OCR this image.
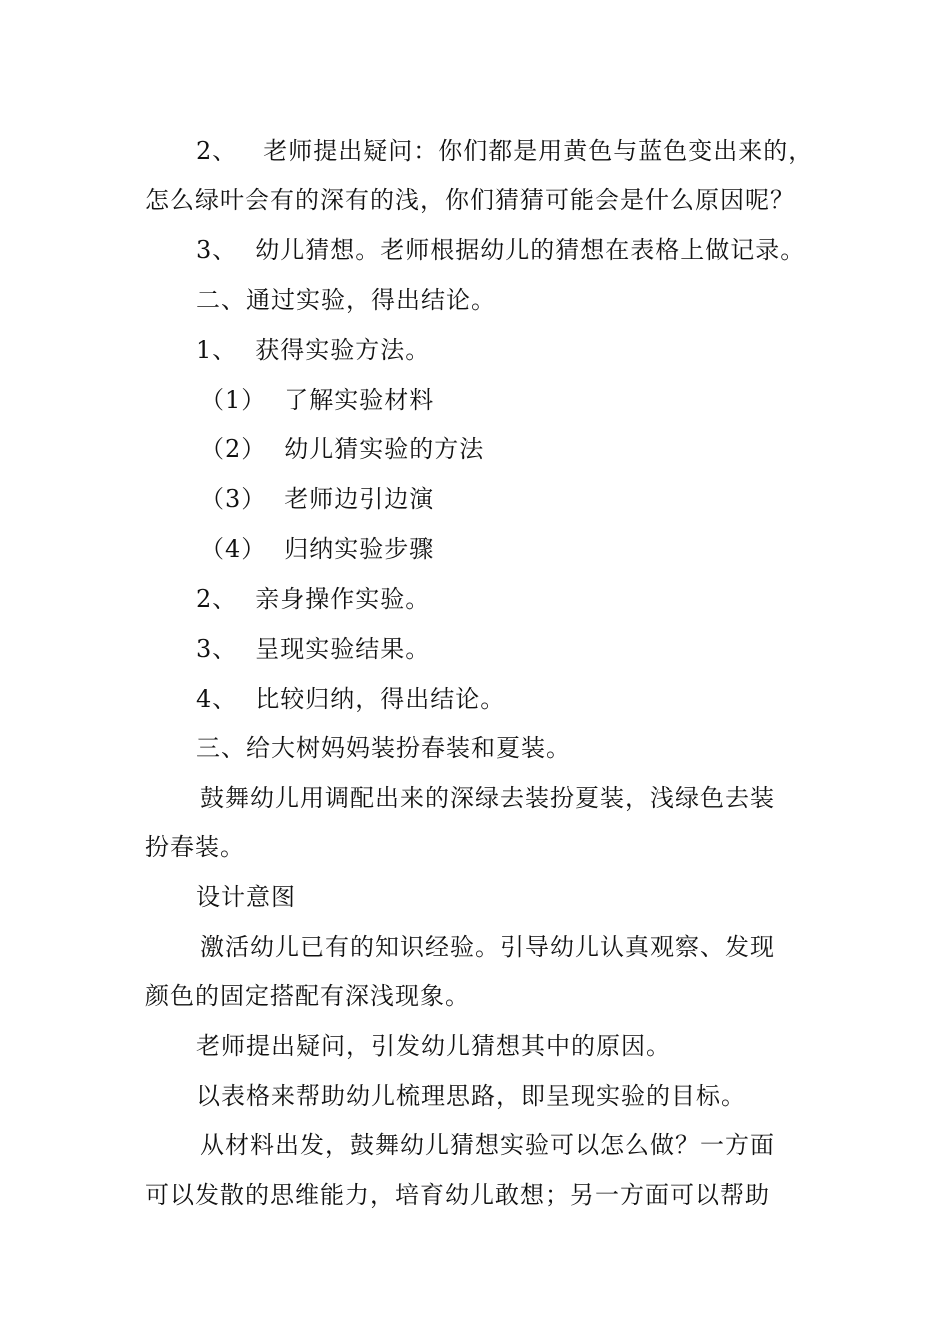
2、 老师提出疑问：你们都是用黄色与蓝色变出来的，
怎么绿叶会有的深有的浅，你们猜猜可能会是什么原因呢？
3、 幼儿猜想。老师根据幼儿的猜想在表格上做记录。
二、通过实验，得出结论。
1、 获得实验方法。
（1） 了解实验材料
（2） 幼儿猜实验的方法
（3） 老师边引边演
（4） 归纳实验步骤
2、 亲身操作实验。
3、 呈现实验结果。
4、 比较归纳，得出结论。
三、给大树妈妈装扮春装和夏装。
鼓舞幼儿用调配出来的深绿去装扮夏装，浅绿色去装
扮春装。
设计意图
激活幼儿已有的知识经验。引导幼儿认真观察、发现
颜色的固定搭配有深浅现象。
老师提出疑问，引发幼儿猜想其中的原因。
以表格来帮助幼儿梳理思路，即呈现实验的目标。
从材料出发，鼓舞幼儿猜想实验可以怎么做？一方面
可以发散的思维能力，培育幼儿敢想；另一方面可以帮助
